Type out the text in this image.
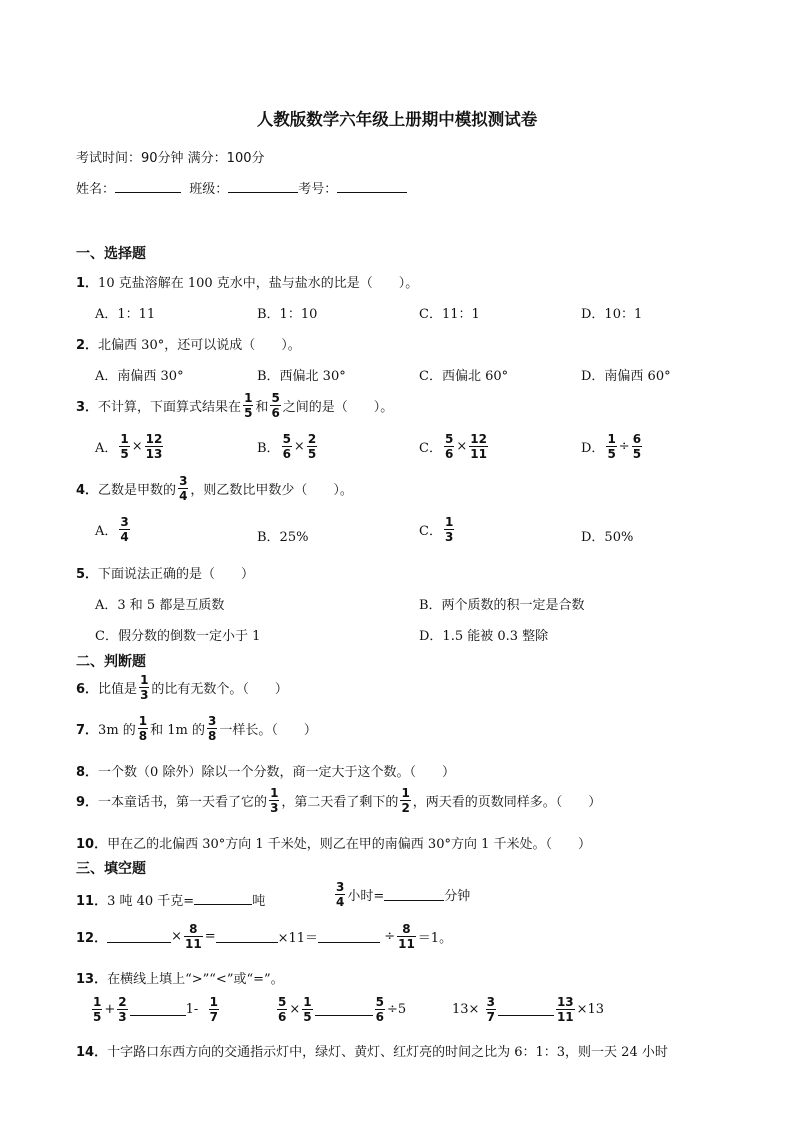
人教版数学六年级上册期中模拟测试卷
考试时间：90分钟 满分：100分
姓名：	班级：	考号：
一、选择题
1．10 克盐溶解在 100 克水中，盐与盐水的比是（　　）。
A．1：11	B．1：10	C．11：1	D．10：1
2．北偏西 30°，还可以说成（　　）。
A．南偏西 30°	B．西偏北 30°	C．西偏北 60°	D．南偏西 60°
3． 不计算，下面算式结果在 $\frac{1}{5}$ 和 $\frac{5}{6}$ 之间的是（　　）。
A． $\frac{1}{5} \times \frac{12}{13}$	B． $\frac{5}{6} \times \frac{2}{5}$	C． $\frac{5}{6} \times \frac{12}{11}$	D． $\frac{1}{5} \div \frac{6}{5}$
4． 乙数是甲数的 $\frac{3}{4}$ ，则乙数比甲数少（　　）。
A． $\frac{3}{4}$	B．25%	C． $\frac{1}{3}$	D．50%
5．下面说法正确的是（　　）
A．3 和 5 都是互质数	B．两个质数的积一定是合数
C．假分数的倒数一定小于 1	D．1.5 能被 0.3 整除
二、判断题
6． 比值是 $\frac{1}{3}$ 的比有无数个。（　　）
7． 3m 的 $\frac{1}{8}$ 和 1m 的 $\frac{3}{8}$ 一样长。（　　）
8．一个数（0 除外）除以一个分数，商一定大于这个数。（　　）
9． 一本童话书，第一天看了它的 $\frac{1}{3}$ ，第二天看了剩下的 $\frac{1}{2}$ ，两天看的页数同样多。（　　）
10．甲在乙的北偏西 30°方向 1 千米处，则乙在甲的南偏西 30°方向 1 千米处。（　　）
三、填空题
11．3 吨 40 千克=	吨	$\frac{3}{4}$ 小时=	分钟
12．	× $\frac{8}{11}$ =	×11＝
	÷ $\frac{8}{11} =1$。
13．在横线上填上“>”“<”或“=”。
$\frac{1}{5} + \frac{2}{3}$	1-
$\frac{1}{7}$	$\frac{5}{6} \times \frac{1}{5}$	$\frac{5}{6} \div 5$	13×
$\frac{3}{7}$	$\frac{13}{11} \times 13$
14．十字路口东西方向的交通指示灯中，绿灯、黄灯、红灯亮的时间之比为 6：1：3，则一天 24 小时
